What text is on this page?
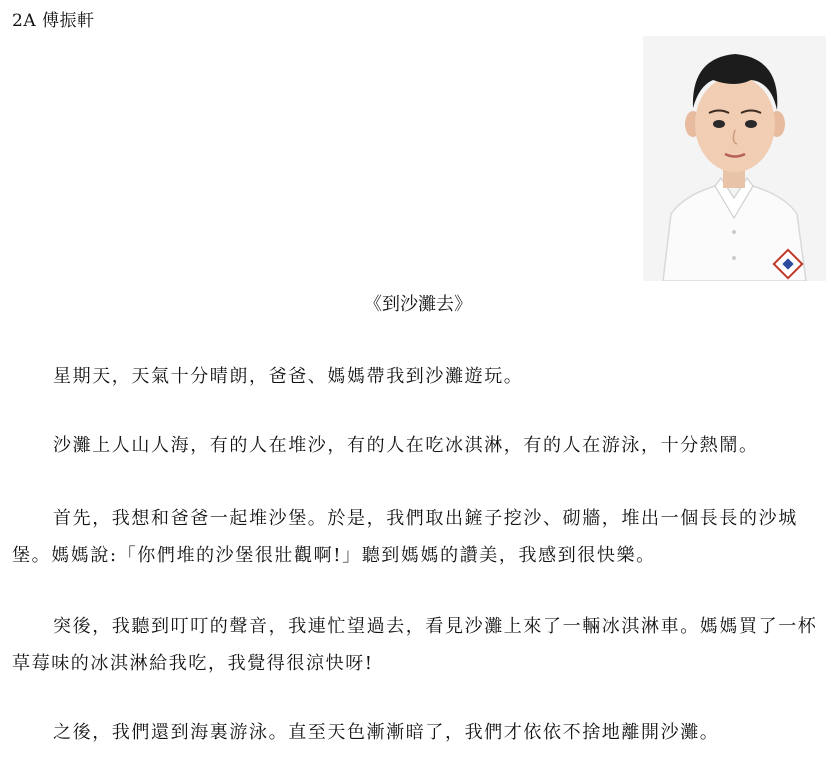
2A 傅振軒
《到沙灘去》

星期天，天氣十分晴朗，爸爸、媽媽帶我到沙灘遊玩。

沙灘上人山人海，有的人在堆沙，有的人在吃冰淇淋，有的人在游泳，十分熱鬧。

首先，我想和爸爸一起堆沙堡。於是，我們取出鏟子挖沙、砌牆，堆出一個長長的沙城堡。媽媽說:「你們堆的沙堡很壯觀啊!」聽到媽媽的讚美，我感到很快樂。

突後，我聽到叮叮的聲音，我連忙望過去，看見沙灘上來了一輛冰淇淋車。媽媽買了一杯草莓味的冰淇淋給我吃，我覺得很涼快呀!

之後，我們還到海裏游泳。直至天色漸漸暗了，我們才依依不捨地離開沙灘。
